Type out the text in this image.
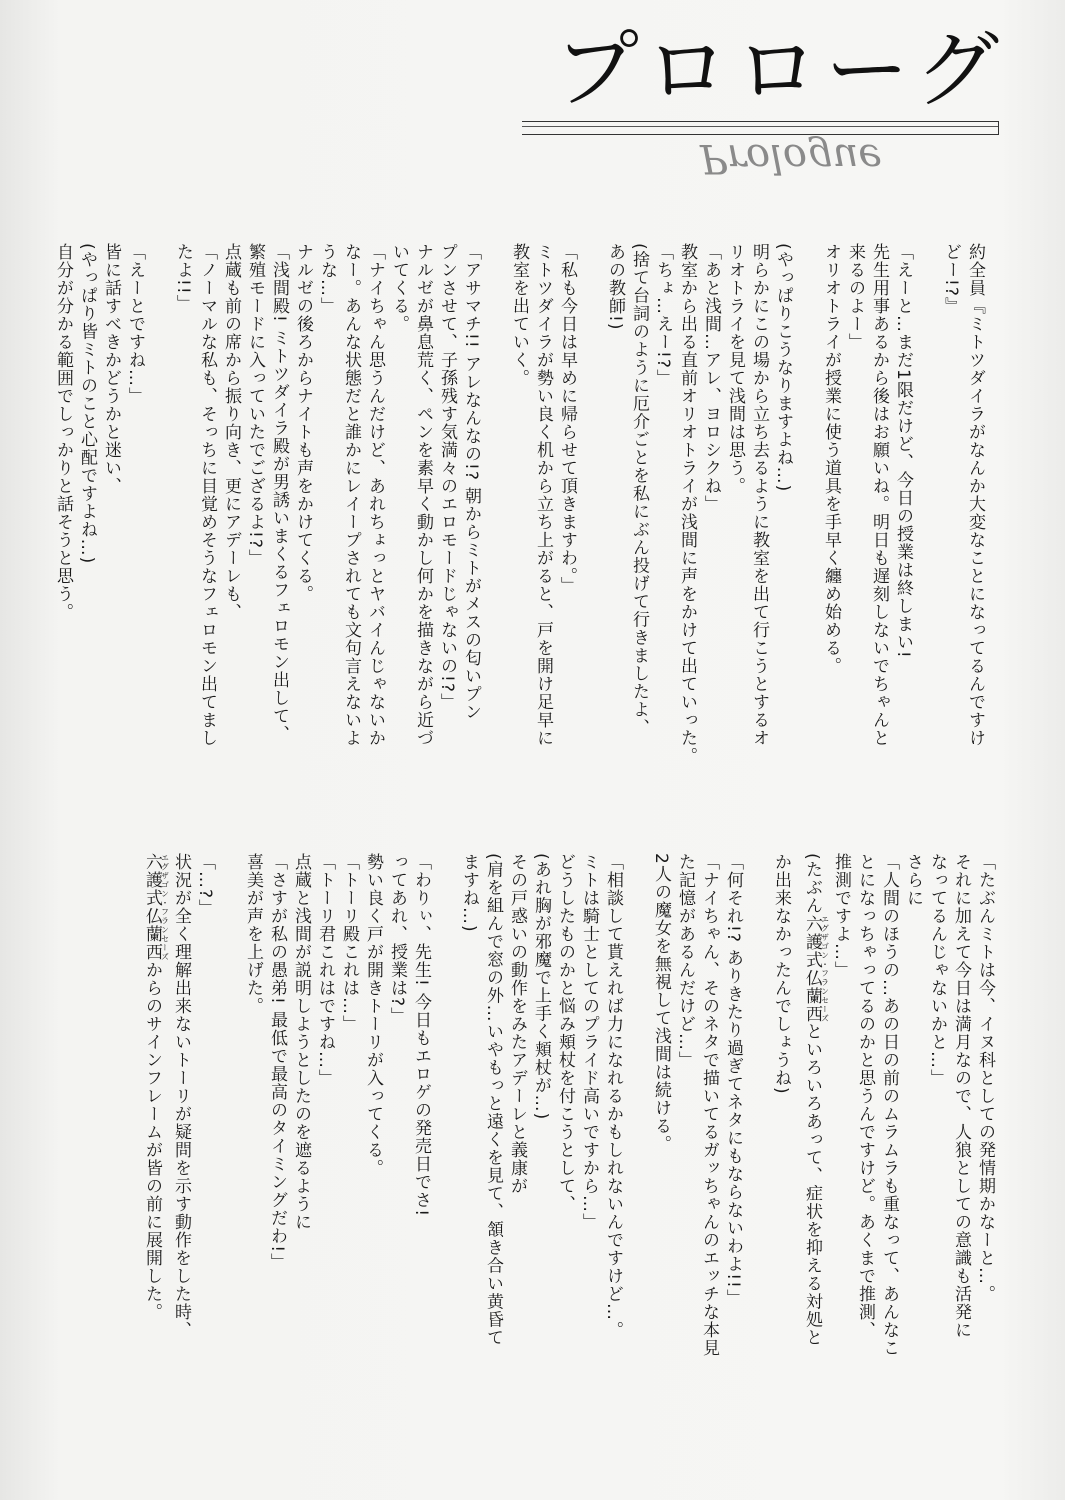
プロローグ
Prologue
約全員『ミトツダイラがなんか大変なことになってるんですけ
どー!?』

「えーと…まだ1限だけど、今日の授業は終しまい!
先生用事あるから後はお願いね。明日も遅刻しないでちゃんと
来るのよー」
オリオトライが授業に使う道具を手早く纏め始める。

(やっぱりこうなりますよね…)
明らかにこの場から立ち去るように教室を出て行こうとするオ
リオトライを見て浅間は思う。
「あと浅間…アレ、ヨロシクね」
教室から出る直前オリオトライが浅間に声をかけて出ていった。
「ちょ…えー!?」
(捨て台詞のように厄介ごとを私にぶん投げて行きましたよ、
あの教師!)

「私も今日は早めに帰らせて頂きますわ。」
ミトツダイラが勢い良く机から立ち上がると、戸を開け足早に
教室を出ていく。

「アサマチ!! アレなんなの!? 朝からミトがメスの匂いプン
プンさせて、子孫残す気満々のエロモードじゃないの!?」
ナルゼが鼻息荒く、ペンを素早く動かし何かを描きながら近づ
いてくる。
「ナイちゃん思うんだけど、あれちょっとヤバイんじゃないか
なー。あんな状態だと誰かにレイープされても文句言えないよ
うな…」
ナルゼの後ろからナイトも声をかけてくる。
「浅間殿! ミトツダイラ殿が男誘いまくるフェロモン出して、
繁殖モードに入っていたでござるよ!?」
点蔵も前の席から振り向き、更にアデーレも、
「ノーマルな私も、そっちに目覚めそうなフェロモン出てまし
たよ!!」

「えーとですね…」
皆に話すべきかどうかと迷い、
(やっぱり皆ミトのこと心配ですよね…)
自分が分かる範囲でしっかりと話そうと思う。
「たぶんミトは今、イヌ科としての発情期かなーと…。
それに加えて今日は満月なので、人狼としての意識も活発に
なってるんじゃないかと…」
さらに
「人間のほうの…あの日の前のムラムラも重なって、あんなこ
とになっちゃってるのかと思うんですけど。あくまで推測、
推測ですよ…」
(たぶん六護式仏蘭西エグザゴン・フランセーズといろいろあって、症状を抑える対処と
か出来なかったんでしょうね)

「何それ!? ありきたり過ぎてネタにもならないわよ!!」
「ナイちゃん、そのネタで描いてるガッちゃんのエッチな本見
た記憶があるんだけど…」
2人の魔女を無視して浅間は続ける。

「相談して貰えれば力になれるかもしれないんですけど…。
ミトは騎士としてのプライド高いですから…」
どうしたものかと悩み頬杖を付こうとして、
(あれ胸が邪魔で上手く頬杖が…)
その戸惑いの動作をみたアデーレと義康が
(肩を組んで窓の外…いやもっと遠くを見て、頷き合い黄昏て
ますね…)

「わりぃ、先生! 今日もエロゲの発売日でさ!
ってあれ、授業は?」
勢い良く戸が開きトーリが入ってくる。
「トーリ殿これは…」
「トーリ君これはですね…」
点蔵と浅間が説明しようとしたのを遮るように
「さすが私の愚弟! 最低で最高のタイミングだわ!」
喜美が声を上げた。

「…?」
状況が全く理解出来ないトーリが疑問を示す動作をした時、
六護式仏蘭西エグザゴン・フランセーズからのサインフレームが皆の前に展開した。
